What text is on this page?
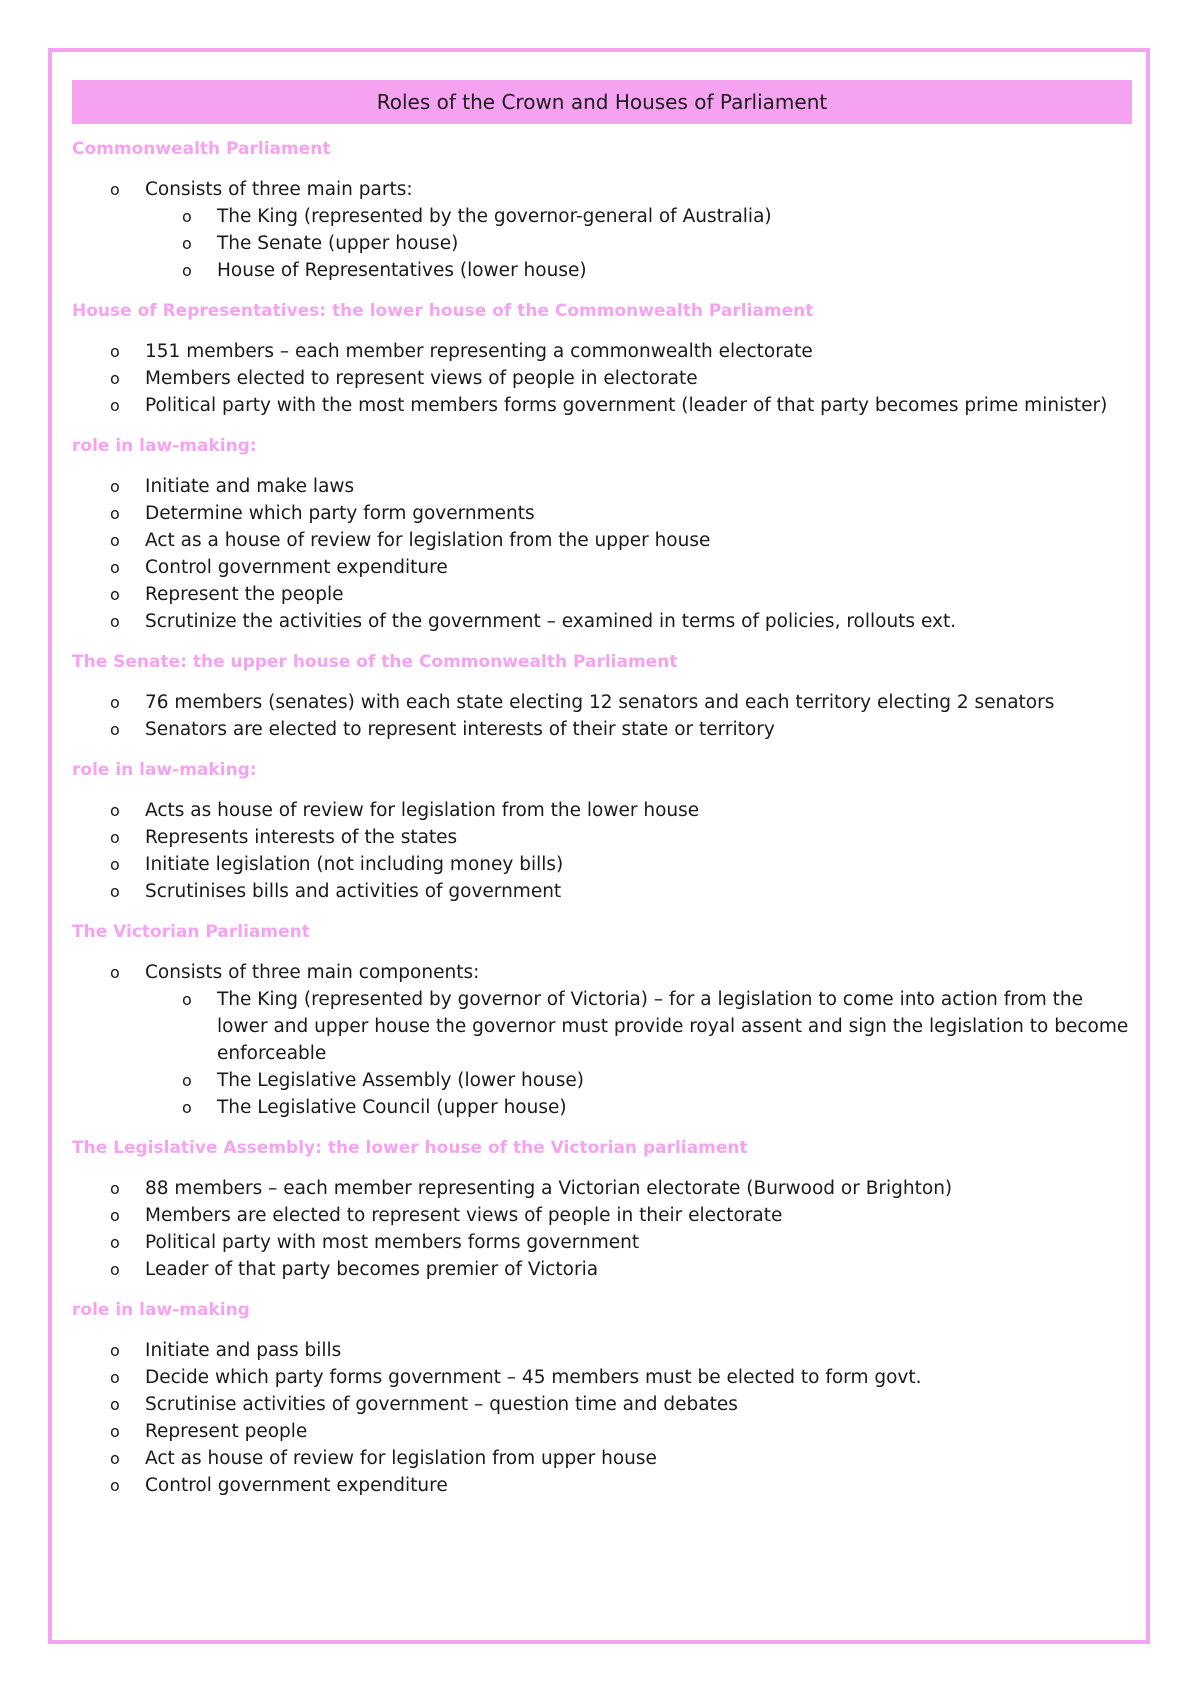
Roles of the Crown and Houses of Parliament
Commonwealth Parliament
o Consists of three main parts:
o The King (represented by the governor-general of Australia)
o The Senate (upper house)
o House of Representatives (lower house)
House of Representatives: the lower house of the Commonwealth Parliament
o 151 members – each member representing a commonwealth electorate
o Members elected to represent views of people in electorate
o Political party with the most members forms government (leader of that party becomes prime minister)
role in law-making:
o Initiate and make laws
o Determine which party form governments
o Act as a house of review for legislation from the upper house
o Control government expenditure
o Represent the people
o Scrutinize the activities of the government – examined in terms of policies, rollouts ext.
The Senate: the upper house of the Commonwealth Parliament
o 76 members (senates) with each state electing 12 senators and each territory electing 2 senators
o Senators are elected to represent interests of their state or territory
role in law-making:
o Acts as house of review for legislation from the lower house
o Represents interests of the states
o Initiate legislation (not including money bills)
o Scrutinises bills and activities of government
The Victorian Parliament
o Consists of three main components:
o The King (represented by governor of Victoria) – for a legislation to come into action from the lower and upper house the governor must provide royal assent and sign the legislation to become enforceable
o The Legislative Assembly (lower house)
o The Legislative Council (upper house)
The Legislative Assembly: the lower house of the Victorian parliament
o 88 members – each member representing a Victorian electorate (Burwood or Brighton)
o Members are elected to represent views of people in their electorate
o Political party with most members forms government
o Leader of that party becomes premier of Victoria
role in law-making
o Initiate and pass bills
o Decide which party forms government – 45 members must be elected to form govt.
o Scrutinise activities of government – question time and debates
o Represent people
o Act as house of review for legislation from upper house
o Control government expenditure
